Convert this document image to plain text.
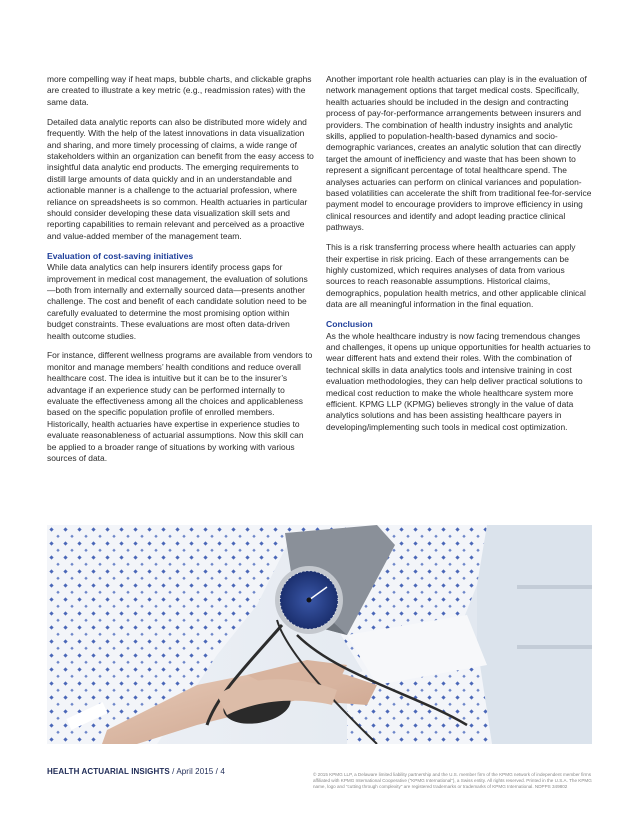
more compelling way if heat maps, bubble charts, and clickable graphs are created to illustrate a key metric (e.g., readmission rates) with the same data.

Detailed data analytic reports can also be distributed more widely and frequently. With the help of the latest innovations in data visualization and sharing, and more timely processing of claims, a wide range of stakeholders within an organization can benefit from the easy access to insightful data analytic end products. The emerging requirements to distill large amounts of data quickly and in an understandable and actionable manner is a challenge to the actuarial profession, where reliance on spreadsheets is so common. Health actuaries in particular should consider developing these data visualization skill sets and reporting capabilities to remain relevant and perceived as a proactive and value-added member of the management team.

Evaluation of cost-saving initiatives

While data analytics can help insurers identify process gaps for improvement in medical cost management, the evaluation of solutions—both from internally and externally sourced data—presents another challenge. The cost and benefit of each candidate solution need to be carefully evaluated to determine the most promising option within budget constraints. These evaluations are most often data-driven health outcome studies.

For instance, different wellness programs are available from vendors to monitor and manage members’ health conditions and reduce overall healthcare cost. The idea is intuitive but it can be to the insurer’s advantage if an experience study can be performed internally to evaluate the effectiveness among all the choices and applicableness based on the specific population profile of enrolled members. Historically, health actuaries have expertise in experience studies to evaluate reasonableness of actuarial assumptions. Now this skill can be applied to a broader range of situations by working with various sources of data.

Another important role health actuaries can play is in the evaluation of network management options that target medical costs. Specifically, health actuaries should be included in the design and contracting process of pay-for-performance arrangements between insurers and providers. The combination of health industry insights and analytic skills, applied to population-health-based dynamics and socio-demographic variances, creates an analytic solution that can directly target the amount of inefficiency and waste that has been shown to represent a significant percentage of total healthcare spend. The analyses actuaries can perform on clinical variances and population-based volatilities can accelerate the shift from traditional fee-for-service payment model to encourage providers to improve efficiency in using clinical resources and identify and adopt leading practice clinical pathways.

This is a risk transferring process where health actuaries can apply their expertise in risk pricing. Each of these arrangements can be highly customized, which requires analyses of data from various sources to reach reasonable assumptions. Historical claims, demographics, population health metrics, and other applicable clinical data are all meaningful information in the final equation.

Conclusion

As the whole healthcare industry is now facing tremendous changes and challenges, it opens up unique opportunities for health actuaries to wear different hats and extend their roles. With the combination of technical skills in data analytics tools and intensive training in cost evaluation methodologies, they can help deliver practical solutions to medical cost reduction to make the whole healthcare system more efficient. KPMG LLP (KPMG) believes strongly in the value of data analytics solutions and has been assisting healthcare payers in developing/implementing such tools in medical cost optimization.

HEALTH ACTUARIAL INSIGHTS / April 2015 / 4	© 2015 KPMG LLP, a Delaware limited liability partnership and the U.S. member firm of the KPMG network of independent member firms affiliated with KPMG International Cooperative (“KPMG International”), a Swiss entity. All rights reserved. Printed in the U.S.A. The KPMG name, logo and “cutting through complexity” are registered trademarks or trademarks of KPMG International. NDPPS 349802
